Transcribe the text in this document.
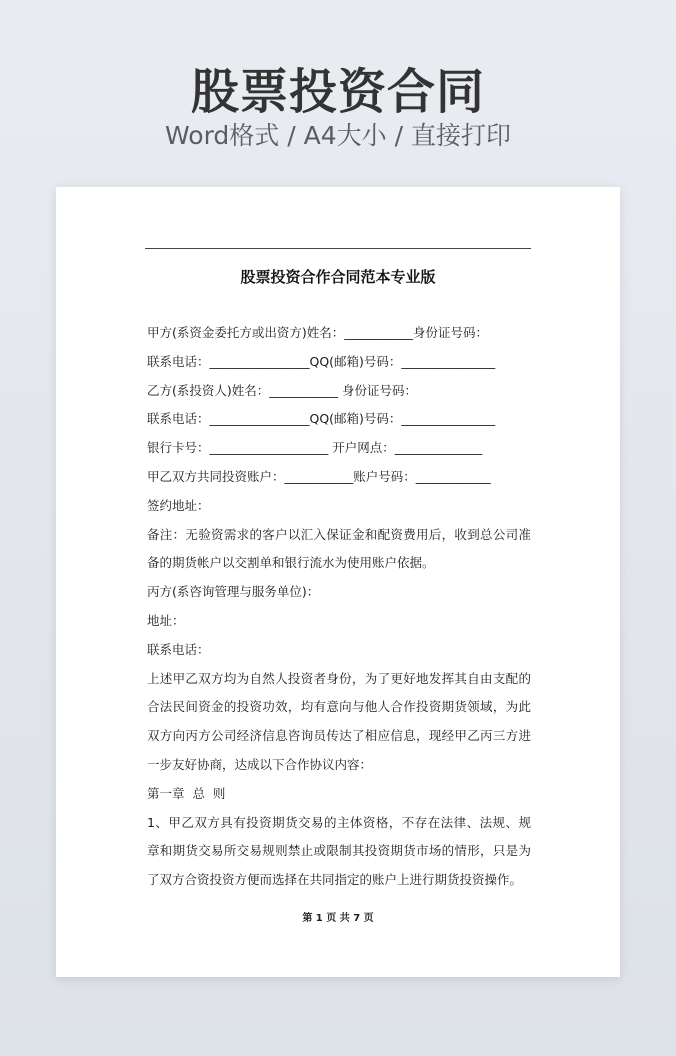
股票投资合同
Word格式 / A4大小 / 直接打印
股票投资合作合同范本专业版
甲方(系资金委托方或出资方)姓名：___________身份证号码：
联系电话：________________QQ(邮箱)号码：_______________
乙方(系投资人)姓名：___________ 身份证号码：
联系电话：________________QQ(邮箱)号码：_______________
银行卡号：___________________ 开户网点：______________
甲乙双方共同投资账户：___________账户号码：____________
签约地址：
备注：无验资需求的客户以汇入保证金和配资费用后，收到总公司准
备的期货帐户以交割单和银行流水为使用账户依据。
丙方(系咨询管理与服务单位)：
地址：
联系电话：
上述甲乙双方均为自然人投资者身份，为了更好地发挥其自由支配的
合法民间资金的投资功效，均有意向与他人合作投资期货领域，为此
双方向丙方公司经济信息咨询员传达了相应信息，现经甲乙丙三方进
一步友好协商，达成以下合作协议内容：
第一章  总  则
1、甲乙双方具有投资期货交易的主体资格，不存在法律、法规、规
章和期货交易所交易规则禁止或限制其投资期货市场的情形，只是为
了双方合资投资方便而选择在共同指定的账户上进行期货投资操作。
第 1 页 共 7 页
